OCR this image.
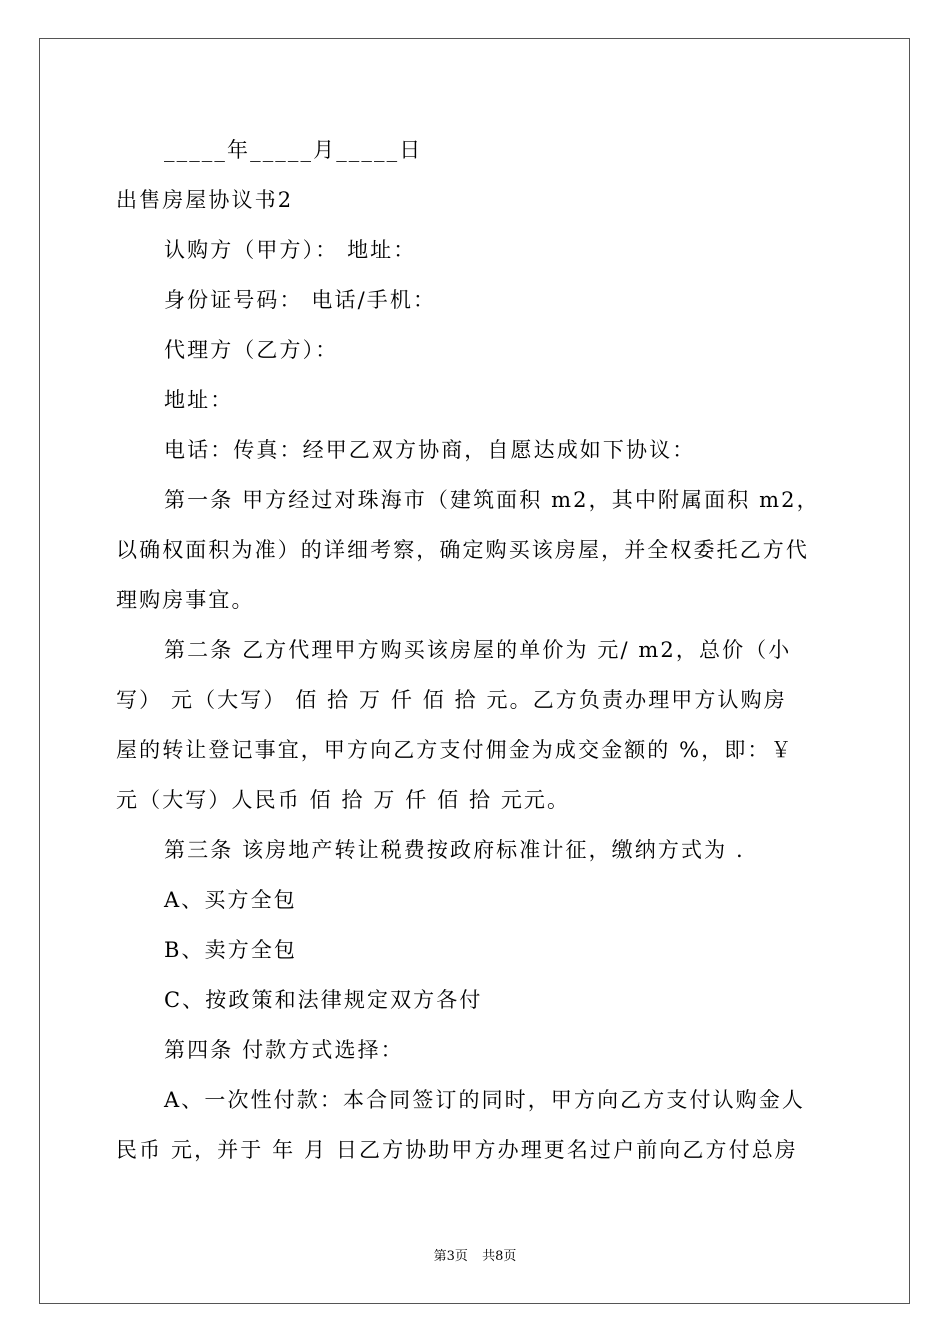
_____年_____月_____日
出售房屋协议书2
认购方（甲方）： 地址：
身份证号码： 电话/手机：
代理方（乙方）：
地址：
电话：传真：经甲乙双方协商，自愿达成如下协议：
第一条 甲方经过对珠海市（建筑面积 m2，其中附属面积 m2，
以确权面积为准）的详细考察，确定购买该房屋，并全权委托乙方代
理购房事宜。
第二条 乙方代理甲方购买该房屋的单价为 元/ m2，总价（小
写） 元（大写） 佰 拾 万 仟 佰 拾 元。乙方负责办理甲方认购房
屋的转让登记事宜，甲方向乙方支付佣金为成交金额的 %，即：￥
元（大写）人民币 佰 拾 万 仟 佰 拾 元元。
第三条 该房地产转让税费按政府标准计征，缴纳方式为 .
A、买方全包
B、卖方全包
C、按政策和法律规定双方各付
第四条 付款方式选择：
A、一次性付款：本合同签订的同时，甲方向乙方支付认购金人
民币 元，并于 年 月 日乙方协助甲方办理更名过户前向乙方付总房
第3页 共8页
